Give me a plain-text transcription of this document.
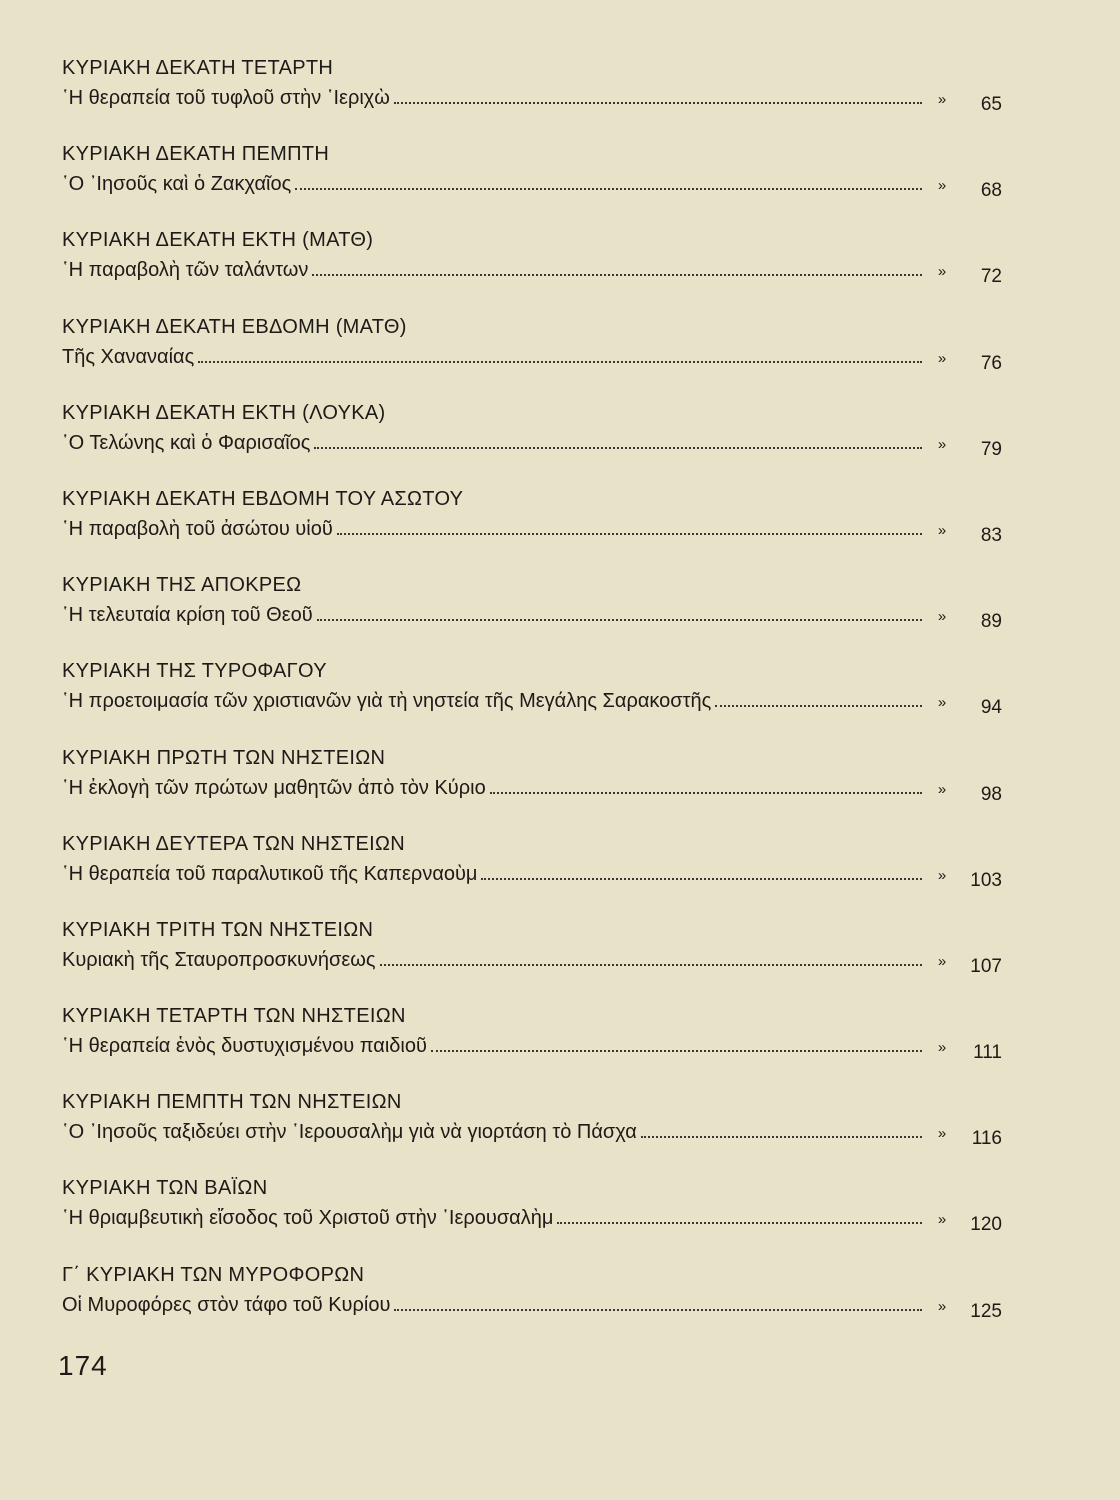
ΚΥΡΙΑΚΗ ΔΕΚΑΤΗ ΤΕΤΑΡΤΗ
῾Η θεραπεία τοῦ τυφλοῦ στὴν ῾Ιεριχὼ	»	65
ΚΥΡΙΑΚΗ ΔΕΚΑΤΗ ΠΕΜΠΤΗ
῾Ο ᾿Ιησοῦς καὶ ὁ Ζακχαῖος	»	68
ΚΥΡΙΑΚΗ ΔΕΚΑΤΗ ΕΚΤΗ (ΜΑΤΘ)
῾Η παραβολὴ τῶν ταλάντων	»	72
ΚΥΡΙΑΚΗ ΔΕΚΑΤΗ ΕΒΔΟΜΗ (ΜΑΤΘ)
Τῆς Χαναναίας	»	76
ΚΥΡΙΑΚΗ ΔΕΚΑΤΗ ΕΚΤΗ (ΛΟΥΚΑ)
῾Ο Τελώνης καὶ ὁ Φαρισαῖος	»	79
ΚΥΡΙΑΚΗ ΔΕΚΑΤΗ ΕΒΔΟΜΗ ΤΟΥ ΑΣΩΤΟΥ
῾Η παραβολὴ τοῦ ἀσώτου υἱοῦ	»	83
ΚΥΡΙΑΚΗ ΤΗΣ ΑΠΟΚΡΕΩ
῾Η τελευταία κρίση τοῦ Θεοῦ	»	89
ΚΥΡΙΑΚΗ ΤΗΣ ΤΥΡΟΦΑΓΟΥ
῾Η προετοιμασία τῶν χριστιανῶν γιὰ τὴ νηστεία τῆς Μεγάλης Σαρακοστῆς	»	94
ΚΥΡΙΑΚΗ ΠΡΩΤΗ ΤΩΝ ΝΗΣΤΕΙΩΝ
῾Η ἐκλογὴ τῶν πρώτων μαθητῶν ἀπὸ τὸν Κύριο	»	98
ΚΥΡΙΑΚΗ ΔΕΥΤΕΡΑ ΤΩΝ ΝΗΣΤΕΙΩΝ
῾Η θεραπεία τοῦ παραλυτικοῦ τῆς Καπερναοὺμ	»	103
ΚΥΡΙΑΚΗ ΤΡΙΤΗ ΤΩΝ ΝΗΣΤΕΙΩΝ
Κυριακὴ τῆς Σταυροπροσκυνήσεως	»	107
ΚΥΡΙΑΚΗ ΤΕΤΑΡΤΗ ΤΩΝ ΝΗΣΤΕΙΩΝ
῾Η θεραπεία ἑνὸς δυστυχισμένου παιδιοῦ	»	111
ΚΥΡΙΑΚΗ ΠΕΜΠΤΗ ΤΩΝ ΝΗΣΤΕΙΩΝ
῾Ο ᾿Ιησοῦς ταξιδεύει στὴν ῾Ιερουσαλὴμ γιὰ νὰ γιορτάση τὸ Πάσχα	»	116
ΚΥΡΙΑΚΗ ΤΩΝ ΒΑΪΩΝ
῾Η θριαμβευτικὴ εἴσοδος τοῦ Χριστοῦ στὴν ῾Ιερουσαλὴμ	»	120
Γ΄ ΚΥΡΙΑΚΗ ΤΩΝ ΜΥΡΟΦΟΡΩΝ
Οἱ Μυροφόρες στὸν τάφο τοῦ Κυρίου	»	125
174
